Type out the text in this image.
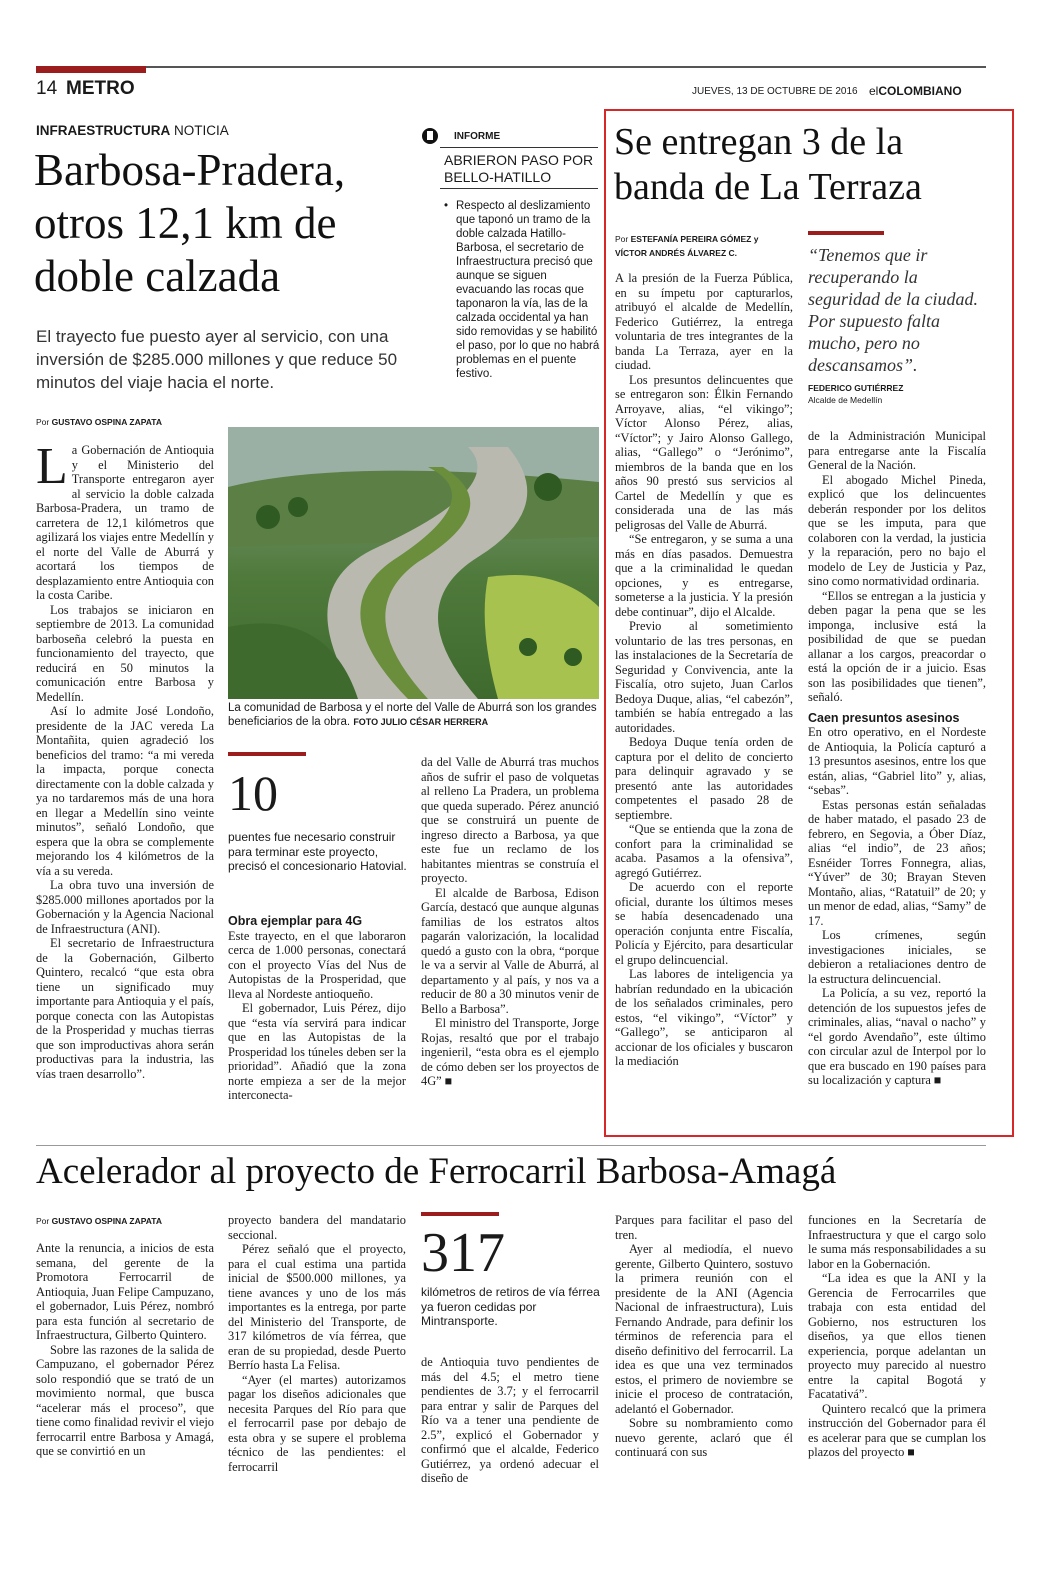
14 METRO	JUEVES, 13 DE OCTUBRE DE 2016 elCOLOMBIANO
INFRAESTRUCTURA NOTICIA
Barbosa-Pradera, otros 12,1 km de doble calzada
El trayecto fue puesto ayer al servicio, con una inversión de $285.000 millones y que reduce 50 minutos del viaje hacia el norte.
Por GUSTAVO OSPINA ZAPATA

La Gobernación de Antioquia y el Ministerio del Transporte entregaron ayer al servicio la doble calzada Barbosa-Pradera, un tramo de carretera de 12,1 kilómetros que agilizará los viajes entre Medellín y el norte del Valle de Aburrá y acortará los tiempos de desplazamiento entre Antioquia con la costa Caribe.

Los trabajos se iniciaron en septiembre de 2013. La comunidad barboseña celebró la puesta en funcionamiento del trayecto, que reducirá en 50 minutos la comunicación entre Barbosa y Medellín.

Así lo admite José Londoño, presidente de la JAC vereda La Montañita, quien agradeció los beneficios del tramo: “a mi vereda la impacta, porque conecta directamente con la doble calzada y ya no tardaremos más de una hora en llegar a Medellín sino veinte minutos”, señaló Londoño, que espera que la obra se complemente mejorando los 4 kilómetros de la vía a su vereda.

La obra tuvo una inversión de $285.000 millones aportados por la Gobernación y la Agencia Nacional de Infraestructura (ANI).

El secretario de Infraestructura de la Gobernación, Gilberto Quintero, recalcó “que esta obra tiene un significado muy importante para Antioquia y el país, porque conecta con las Autopistas de la Prosperidad y muchas tierras que son improductivas ahora serán productivas para la industria, las vías traen desarrollo”.

La comunidad de Barbosa y el norte del Valle de Aburrá son los grandes beneficiarios de la obra. FOTO JULIO CÉSAR HERRERA
10
puentes fue necesario construir para terminar este proyecto, precisó el concesionario Hatovial.

Obra ejemplar para 4G

Este trayecto, en el que laboraron cerca de 1.000 personas, conectará con el proyecto Vías del Nus de Autopistas de la Prosperidad, que lleva al Nordeste antioqueño.

El gobernador, Luis Pérez, dijo que “esta vía servirá para indicar que en las Autopistas de la Prosperidad los túneles deben ser la prioridad”. Añadió que la zona norte empieza a ser de la mejor interconecta-

da del Valle de Aburrá tras muchos años de sufrir el paso de volquetas al relleno La Pradera, un problema que queda superado. Pérez anunció que se construirá un puente de ingreso directo a Barbosa, ya que este fue un reclamo de los habitantes mientras se construía el proyecto.

El alcalde de Barbosa, Edison García, destacó que aunque algunas familias de los estratos altos pagarán valorización, la localidad quedó a gusto con la obra, “porque le va a servir al Valle de Aburrá, al departamento y al país, y nos va a reducir de 80 a 30 minutos venir de Bello a Barbosa”.

El ministro del Transporte, Jorge Rojas, resaltó que por el trabajo ingenieril, “esta obra es el ejemplo de cómo deben ser los proyectos de 4G” ■

INFORME
ABRIERON PASO POR BELLO-HATILLO
• Respecto al deslizamiento que taponó un tramo de la doble calzada Hatillo-Barbosa, el secretario de Infraestructura precisó que aunque se siguen evacuando las rocas que taponaron la vía, las de la calzada occidental ya han sido removidas y se habilitó el paso, por lo que no habrá problemas en el puente festivo.
Se entregan 3 de la banda de La Terraza
Por ESTEFANÍA PEREIRA GÓMEZ y
VÍCTOR ANDRÉS ÁLVAREZ C.	“Tenemos que ir recuperando la seguridad de la ciudad. Por supuesto falta mucho, pero no descansamos”.
FEDERICO GUTIÉRREZ
Alcalde de Medellín

A la presión de la Fuerza Pública, en su ímpetu por capturarlos, atribuyó el alcalde de Medellín, Federico Gutiérrez, la entrega voluntaria de tres integrantes de la banda La Terraza, ayer en la ciudad.

Los presuntos delincuentes que se entregaron son: Élkin Fernando Arroyave, alias, “el vikingo”; Víctor Alonso Pérez, alias, “Víctor”; y Jairo Alonso Gallego, alias, “Gallego” o “Jerónimo”, miembros de la banda que en los años 90 prestó sus servicios al Cartel de Medellín y que es considerada una de las más peligrosas del Valle de Aburrá.

“Se entregaron, y se suma a una más en días pasados. Demuestra que a la criminalidad le quedan opciones, y es entregarse, someterse a la justicia. Y la presión debe continuar”, dijo el Alcalde.

Previo al sometimiento voluntario de las tres personas, en las instalaciones de la Secretaría de Seguridad y Convivencia, ante la Fiscalía, otro sujeto, Juan Carlos Bedoya Duque, alias, “el cabezón”, también se había entregado a las autoridades.

Bedoya Duque tenía orden de captura por el delito de concierto para delinquir agravado y se presentó ante las autoridades competentes el pasado 28 de septiembre.

“Que se entienda que la zona de confort para la criminalidad se acaba. Pasamos a la ofensiva”, agregó Gutiérrez.

De acuerdo con el reporte oficial, durante los últimos meses se había desencadenado una operación conjunta entre Fiscalía, Policía y Ejército, para desarticular el grupo delincuencial.

Las labores de inteligencia ya habrían redundado en la ubicación de los señalados criminales, pero estos, “el vikingo”, “Víctor” y “Gallego”, se anticiparon al accionar de los oficiales y buscaron la mediación

de la Administración Municipal para entregarse ante la Fiscalía General de la Nación.

El abogado Michel Pineda, explicó que los delincuentes deberán responder por los delitos que se les imputa, para que colaboren con la verdad, la justicia y la reparación, pero no bajo el modelo de Ley de Justicia y Paz, sino como normatividad ordinaria.

“Ellos se entregan a la justicia y deben pagar la pena que se les imponga, inclusive está la posibilidad de que se puedan allanar a los cargos, preacordar o está la opción de ir a juicio. Esas son las posibilidades que tienen”, señaló.

Caen presuntos asesinos

En otro operativo, en el Nordeste de Antioquia, la Policía capturó a 13 presuntos asesinos, entre los que están, alias, “Gabriel lito” y, alias, “sebas”.

Estas personas están señaladas de haber matado, el pasado 23 de febrero, en Segovia, a Óber Díaz, alias “el indio”, de 23 años; Esnéider Torres Fonnegra, alias, “Yúver” de 30; Brayan Steven Montaño, alias, “Ratatuil” de 20; y un menor de edad, alias, “Samy” de 17.

Los crímenes, según investigaciones iniciales, se debieron a retaliaciones dentro de la estructura delincuencial.

La Policía, a su vez, reportó la detención de los supuestos jefes de criminales, alias, “naval o nacho” y “el gordo Avendaño”, este último con circular azul de Interpol por lo que era buscado en 190 países para su localización y captura ■

Acelerador al proyecto de Ferrocarril Barbosa-Amagá
Por GUSTAVO OSPINA ZAPATA

Ante la renuncia, a inicios de esta semana, del gerente de la Promotora Ferrocarril de Antioquia, Juan Felipe Campuzano, el gobernador, Luis Pérez, nombró para esta función al secretario de Infraestructura, Gilberto Quintero.

Sobre las razones de la salida de Campuzano, el gobernador Pérez solo respondió que se trató de un movimiento normal, que busca “acelerar más el proceso”, que tiene como finalidad revivir el viejo ferrocarril entre Barbosa y Amagá, que se convirtió en un

proyecto bandera del mandatario seccional.

Pérez señaló que el proyecto, para el cual estima una partida inicial de $500.000 millones, ya tiene avances y uno de los más importantes es la entrega, por parte del Ministerio del Transporte, de 317 kilómetros de vía férrea, que eran de su propiedad, desde Puerto Berrío hasta La Felisa.

“Ayer (el martes) autorizamos pagar los diseños adicionales que necesita Parques del Río para que el ferrocarril pase por debajo de esta obra y se supere el problema técnico de las pendientes: el ferrocarril

317
kilómetros de retiros de vía férrea ya fueron cedidas por Mintransporte.

de Antioquia tuvo pendientes de más del 4.5; el metro tiene pendientes de 3.7; y el ferrocarril para entrar y salir de Parques del Río va a tener una pendiente de 2.5”, explicó el Gobernador y confirmó que el alcalde, Federico Gutiérrez, ya ordenó adecuar el diseño de

Parques para facilitar el paso del tren.

Ayer al mediodía, el nuevo gerente, Gilberto Quintero, sostuvo la primera reunión con el presidente de la ANI (Agencia Nacional de infraestructura), Luis Fernando Andrade, para definir los términos de referencia para el diseño definitivo del ferrocarril. La idea es que una vez terminados estos, el primero de noviembre se inicie el proceso de contratación, adelantó el Gobernador.

Sobre su nombramiento como nuevo gerente, aclaró que él continuará con sus

funciones en la Secretaría de Infraestructura y que el cargo solo le suma más responsabilidades a su labor en la Gobernación.

“La idea es que la ANI y la Gerencia de Ferrocarriles que trabaja con esta entidad del Gobierno, nos estructuren los diseños, ya que ellos tienen experiencia, porque adelantan un proyecto muy parecido al nuestro entre la capital Bogotá y Facatativá”.

Quintero recalcó que la primera instrucción del Gobernador para él es acelerar para que se cumplan los plazos del proyecto ■
